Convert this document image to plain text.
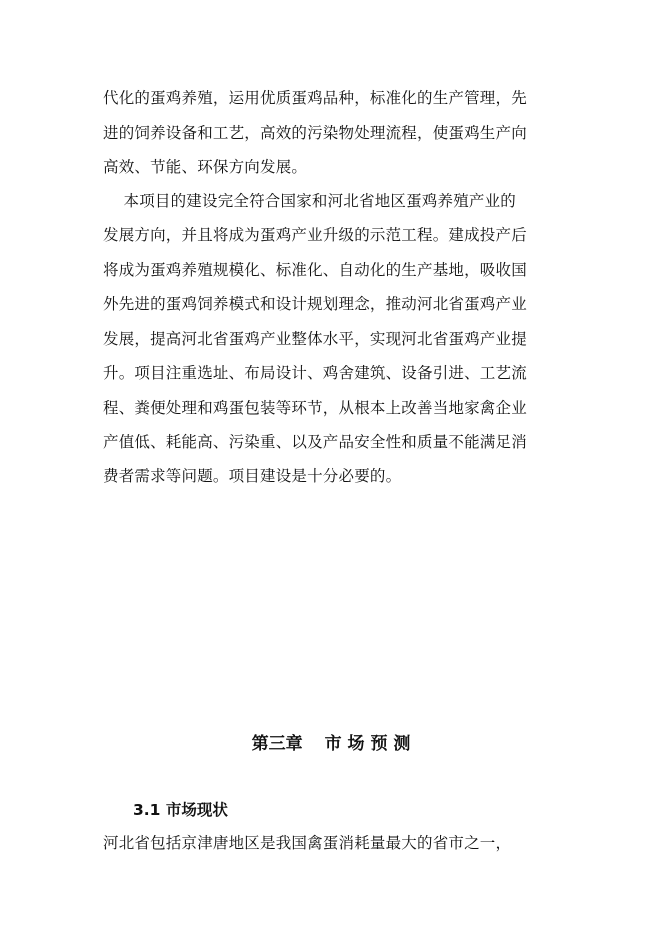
代化的蛋鸡养殖，运用优质蛋鸡品种，标准化的生产管理，先
进的饲养设备和工艺，高效的污染物处理流程，使蛋鸡生产向
高效、节能、环保方向发展。
本项目的建设完全符合国家和河北省地区蛋鸡养殖产业的
发展方向，并且将成为蛋鸡产业升级的示范工程。建成投产后
将成为蛋鸡养殖规模化、标准化、自动化的生产基地，吸收国
外先进的蛋鸡饲养模式和设计规划理念，推动河北省蛋鸡产业
发展，提高河北省蛋鸡产业整体水平，实现河北省蛋鸡产业提
升。项目注重选址、布局设计、鸡舍建筑、设备引进、工艺流
程、粪便处理和鸡蛋包装等环节，从根本上改善当地家禽企业
产值低、耗能高、污染重、以及产品安全性和质量不能满足消
费者需求等问题。项目建设是十分必要的。
第三章 市 场 预 测
3.1 市场现状
河北省包括京津唐地区是我国禽蛋消耗量最大的省市之一，
